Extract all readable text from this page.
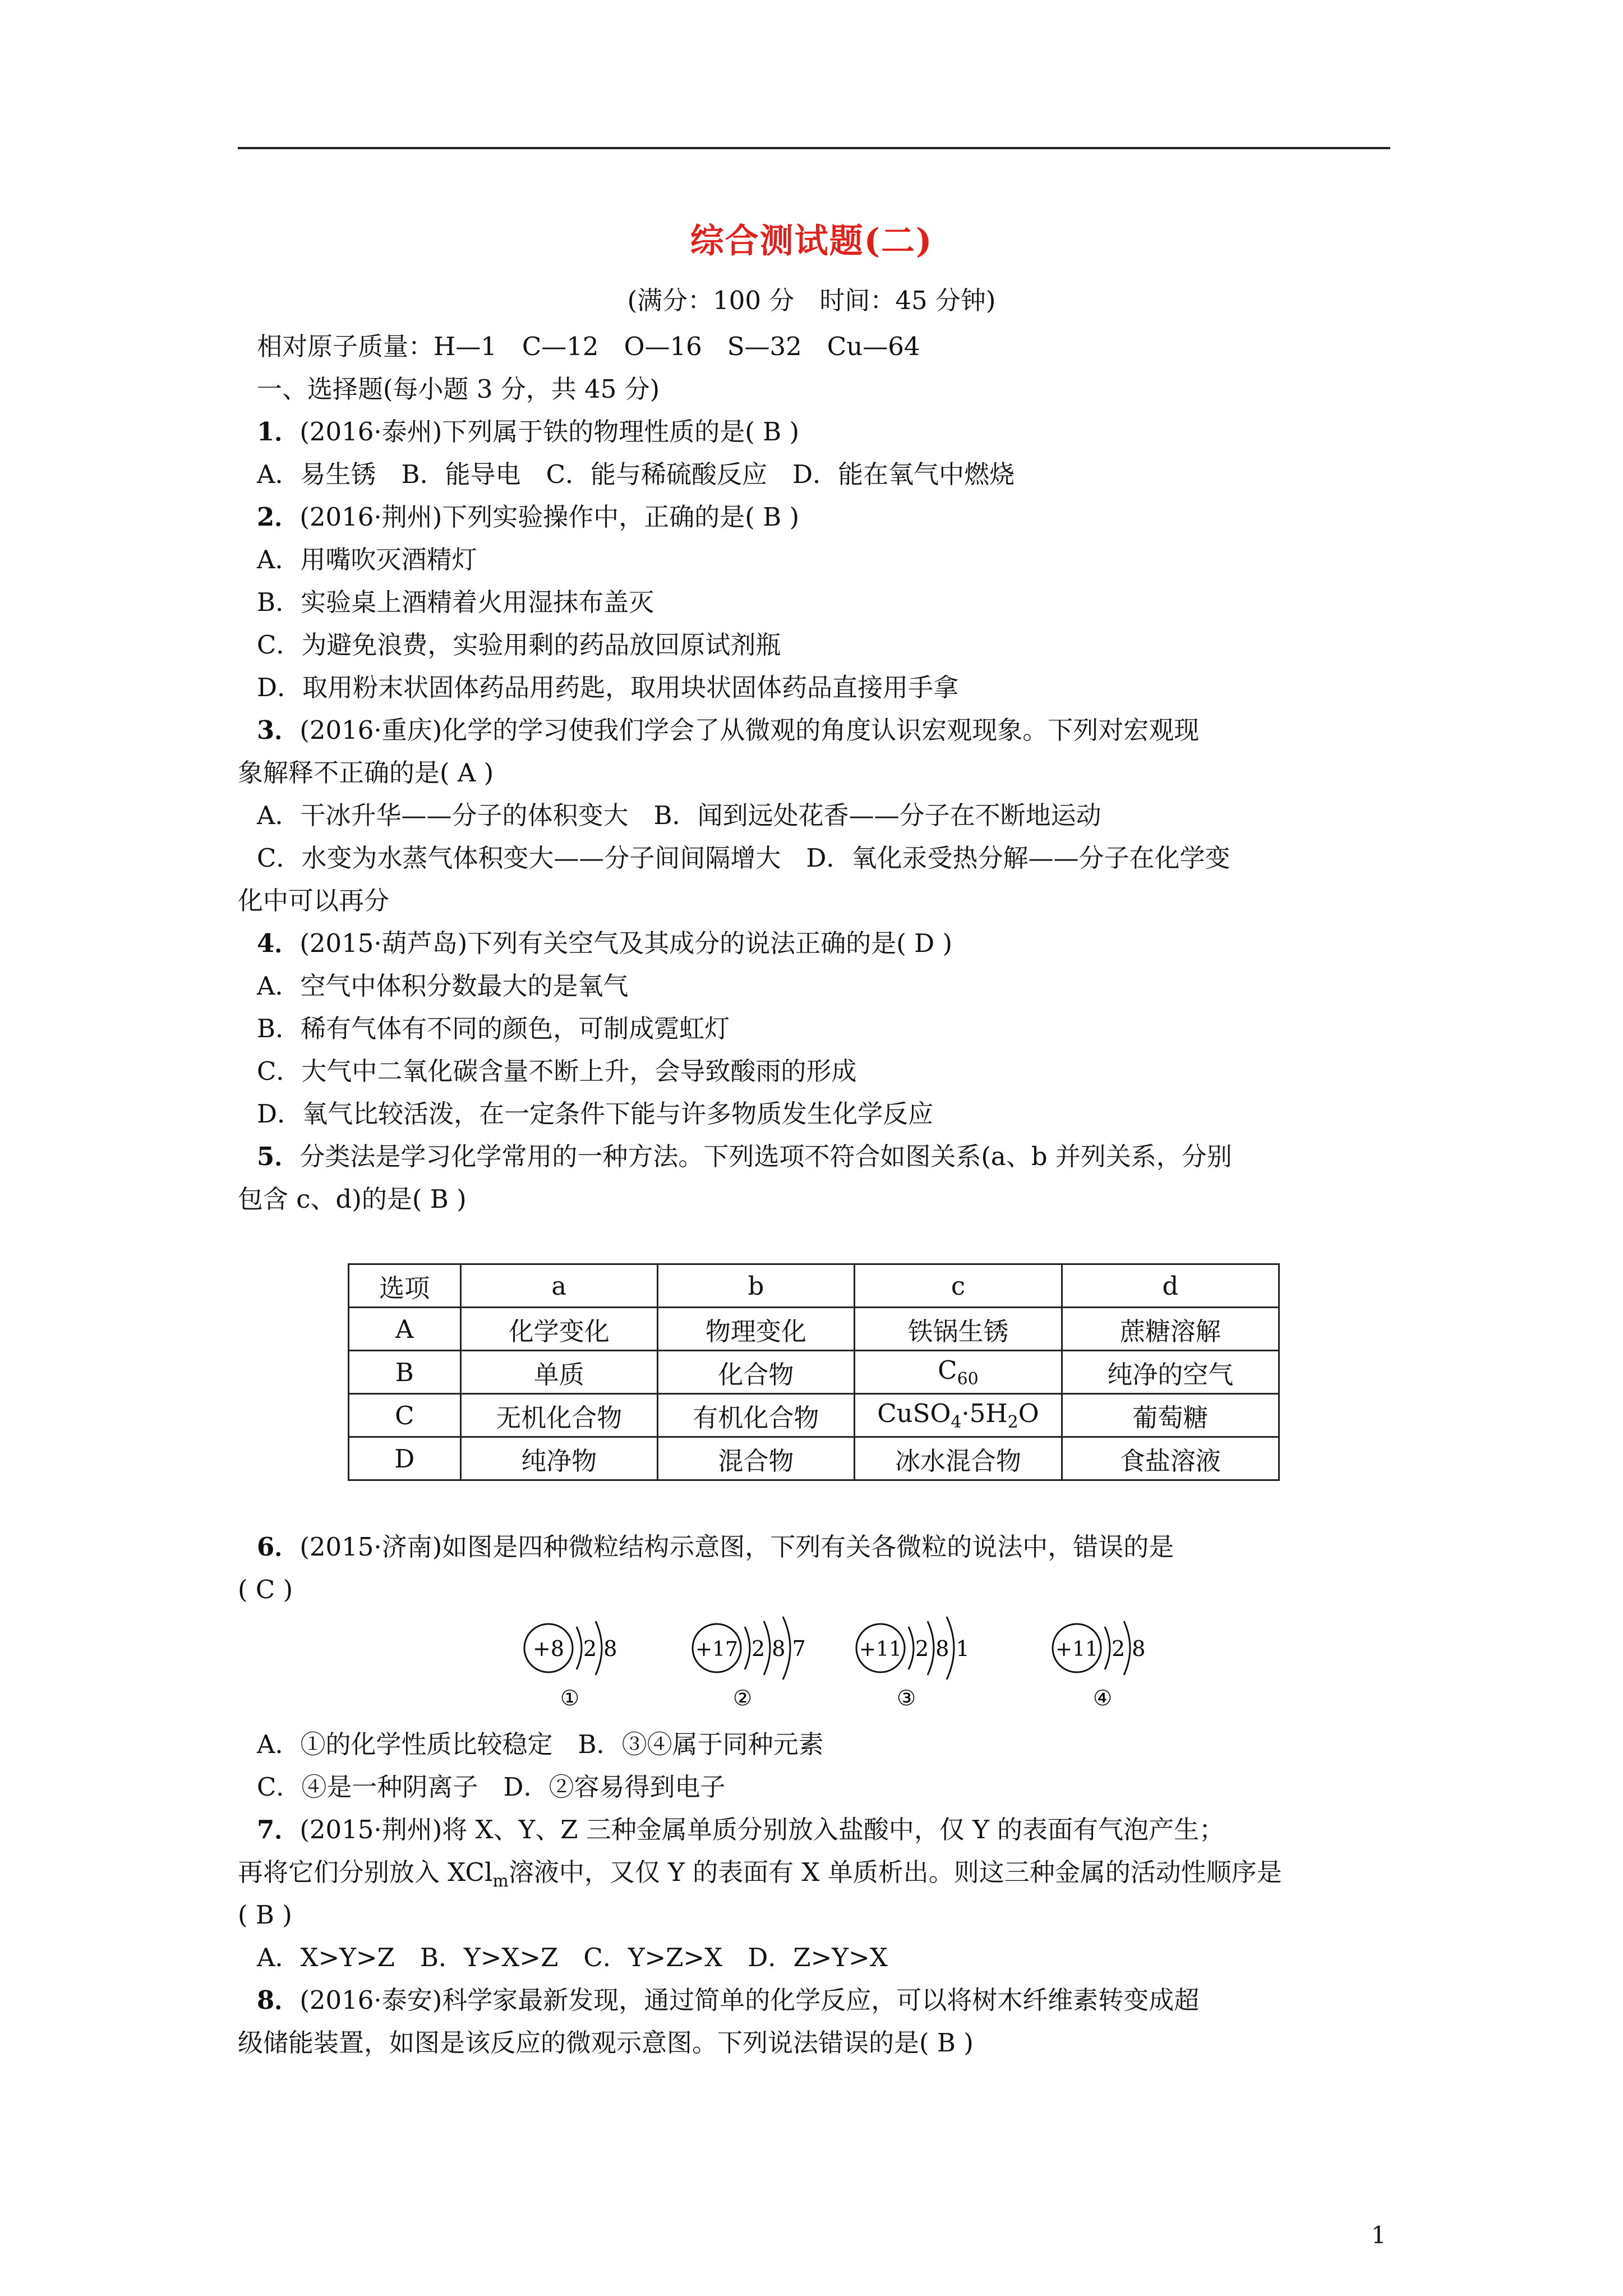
综合测试题(二)
(满分：100 分　时间：45 分钟)
相对原子质量：H—1　C—12　O—16　S—32　Cu—64
一、选择题(每小题 3 分，共 45 分)
1．(2016·泰州)下列属于铁的物理性质的是( B )
A．易生锈　B．能导电　C．能与稀硫酸反应　D．能在氧气中燃烧
2．(2016·荆州)下列实验操作中，正确的是( B )
A．用嘴吹灭酒精灯
B．实验桌上酒精着火用湿抹布盖灭
C．为避免浪费，实验用剩的药品放回原试剂瓶
D．取用粉末状固体药品用药匙，取用块状固体药品直接用手拿
3．(2016·重庆)化学的学习使我们学会了从微观的角度认识宏观现象。下列对宏观现
象解释不正确的是( A )
A．干冰升华——分子的体积变大　B．闻到远处花香——分子在不断地运动
C．水变为水蒸气体积变大——分子间间隔增大　D．氧化汞受热分解——分子在化学变
化中可以再分
4．(2015·葫芦岛)下列有关空气及其成分的说法正确的是( D )
A．空气中体积分数最大的是氧气
B．稀有气体有不同的颜色，可制成霓虹灯
C．大气中二氧化碳含量不断上升，会导致酸雨的形成
D．氧气比较活泼，在一定条件下能与许多物质发生化学反应
5．分类法是学习化学常用的一种方法。下列选项不符合如图关系(a、b 并列关系，分别
包含 c、d)的是( B )
选项	a	b	c	d
A	化学变化	物理变化	铁锅生锈	蔗糖溶解
B	单质	化合物	$C_{60}$	纯净的空气
C	无机化合物	有机化合物	$CuSO_4\cdot 5H_2O$	葡萄糖
D	纯净物	混合物	冰水混合物	食盐溶液
6．(2015·济南)如图是四种微粒结构示意图，下列有关各微粒的说法中，错误的是
( C )
+8 2 8
①
+17 2 8 7
②
+11 2 8 1
③
+11 2 8
④
A．①的化学性质比较稳定　B．③④属于同种元素
C．④是一种阴离子　D．②容易得到电子
7．(2015·荆州)将 X、Y、Z 三种金属单质分别放入盐酸中，仅 Y 的表面有气泡产生；
再将它们分别放入 XCl$_m$溶液中，又仅 Y 的表面有 X 单质析出。则这三种金属的活动性顺序是
( B )
A．X>Y>Z　B．Y>X>Z　C．Y>Z>X　D．Z>Y>X
8．(2016·泰安)科学家最新发现，通过简单的化学反应，可以将树木纤维素转变成超
级储能装置，如图是该反应的微观示意图。下列说法错误的是( B )
1
